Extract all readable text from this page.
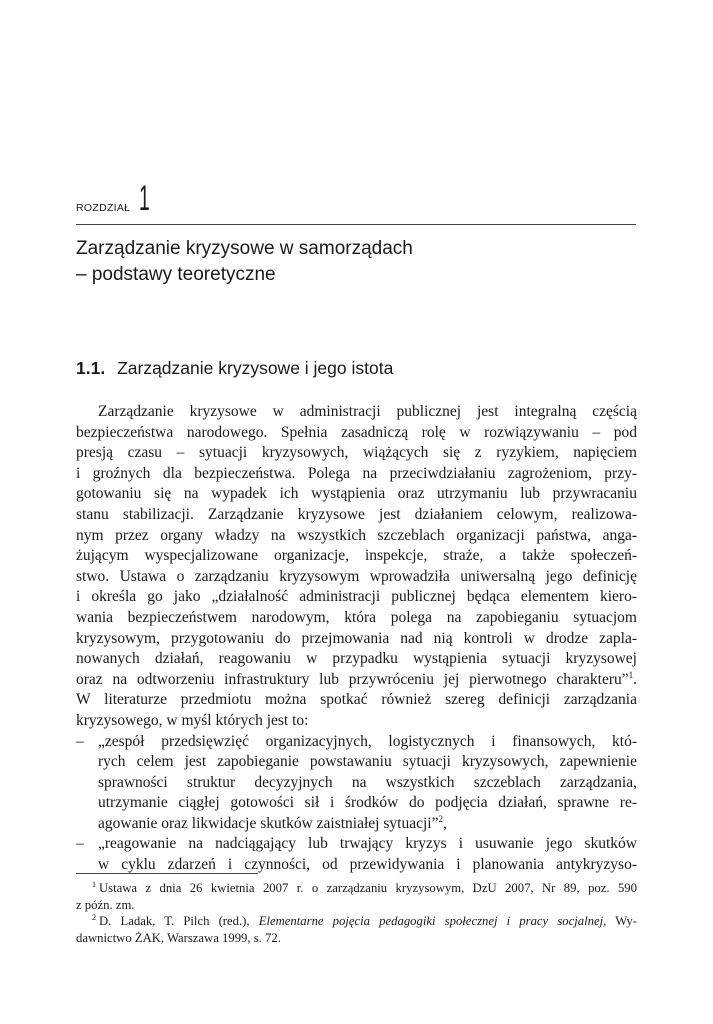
ROZDZIAŁ 1
Zarządzanie kryzysowe w samorządach
– podstawy teoretyczne
1.1. Zarządzanie kryzysowe i jego istota
Zarządzanie kryzysowe w administracji publicznej jest integralną częścią
bezpieczeństwa narodowego. Spełnia zasadniczą rolę w rozwiązywaniu – pod
presją czasu – sytuacji kryzysowych, wiążących się z ryzykiem, napięciem
i groźnych dla bezpieczeństwa. Polega na przeciwdziałaniu zagrożeniom, przy-
gotowaniu się na wypadek ich wystąpienia oraz utrzymaniu lub przywracaniu
stanu stabilizacji. Zarządzanie kryzysowe jest działaniem celowym, realizowa-
nym przez organy władzy na wszystkich szczeblach organizacji państwa, anga-
żującym wyspecjalizowane organizacje, inspekcje, straże, a także społeczeń-
stwo. Ustawa o zarządzaniu kryzysowym wprowadziła uniwersalną jego definicję
i określa go jako „działalność administracji publicznej będąca elementem kiero-
wania bezpieczeństwem narodowym, która polega na zapobieganiu sytuacjom
kryzysowym, przygotowaniu do przejmowania nad nią kontroli w drodze zapla-
nowanych działań, reagowaniu w przypadku wystąpienia sytuacji kryzysowej
oraz na odtworzeniu infrastruktury lub przywróceniu jej pierwotnego charakteru”$^1$.
W literaturze przedmiotu można spotkać również szereg definicji zarządzania
kryzysowego, w myśl których jest to:
– „zespół przedsięwzięć organizacyjnych, logistycznych i finansowych, któ-
rych celem jest zapobieganie powstawaniu sytuacji kryzysowych, zapewnienie
sprawności struktur decyzyjnych na wszystkich szczeblach zarządzania,
utrzymanie ciągłej gotowości sił i środków do podjęcia działań, sprawne re-
agowanie oraz likwidacje skutków zaistniałej sytuacji”$^2$,
– „reagowanie na nadciągający lub trwający kryzys i usuwanie jego skutków
w cyklu zdarzeń i czynności, od przewidywania i planowania antykryzyso-
$^1$ Ustawa z dnia 26 kwietnia 2007 r. o zarządzaniu kryzysowym, DzU 2007, Nr 89, poz. 590
z późn. zm.
$^2$ D. Ladak, T. Pilch (red.), Elementarne pojęcia pedagogiki społecznej i pracy socjalnej, Wy-
dawnictwo ŻAK, Warszawa 1999, s. 72.
